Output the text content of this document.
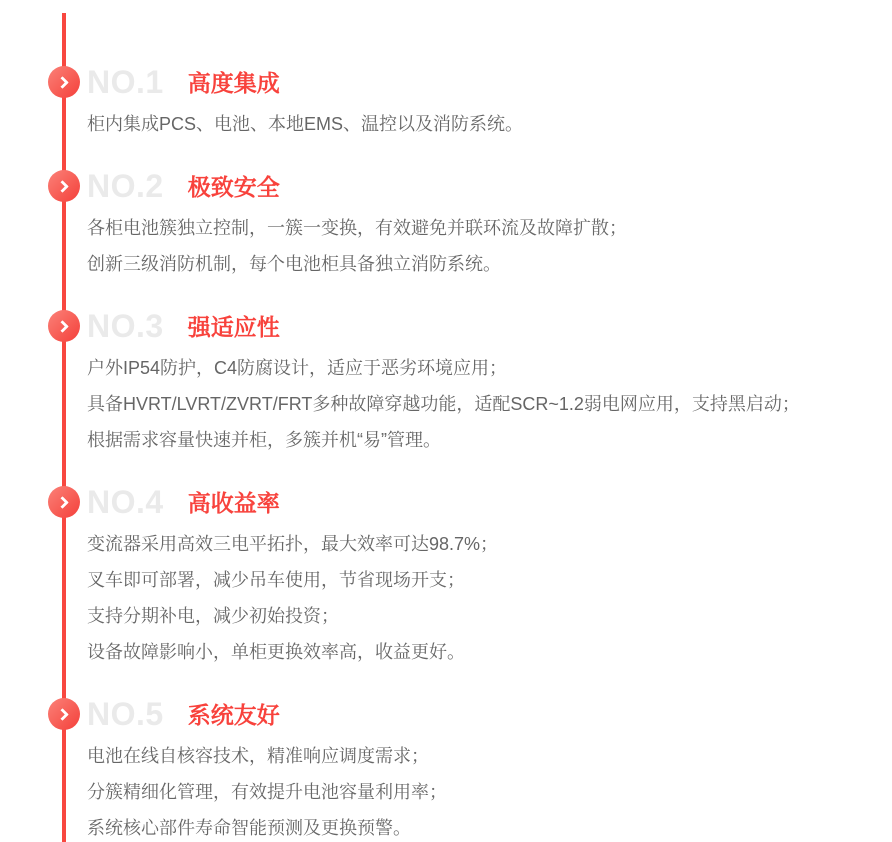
NO.1 高度集成
柜内集成PCS、电池、本地EMS、温控以及消防系统。
NO.2 极致安全
各柜电池簇独立控制，一簇一变换，有效避免并联环流及故障扩散；
创新三级消防机制，每个电池柜具备独立消防系统。
NO.3 强适应性
户外IP54防护，C4防腐设计，适应于恶劣环境应用；
具备HVRT/LVRT/ZVRT/FRT多种故障穿越功能，适配SCR~1.2弱电网应用，支持黑启动；
根据需求容量快速并柜，多簇并机“易”管理。
NO.4 高收益率
变流器采用高效三电平拓扑，最大效率可达98.7%；
叉车即可部署，减少吊车使用，节省现场开支；
支持分期补电，减少初始投资；
设备故障影响小，单柜更换效率高，收益更好。
NO.5 系统友好
电池在线自核容技术，精准响应调度需求；
分簇精细化管理，有效提升电池容量利用率；
系统核心部件寿命智能预测及更换预警。
